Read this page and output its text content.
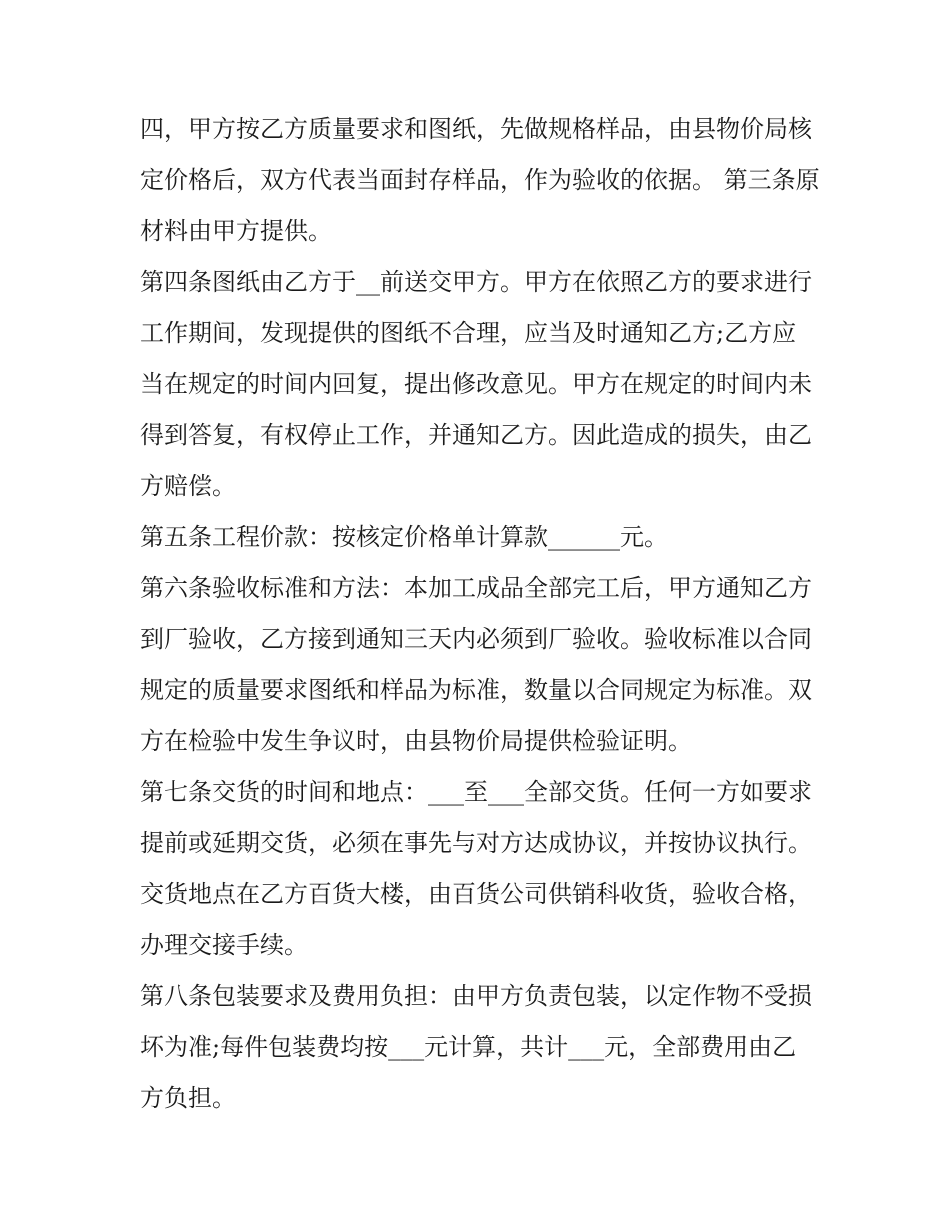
四，甲方按乙方质量要求和图纸，先做规格样品，由县物价局核定价格后，双方代表当面封存样品，作为验收的依据。 第三条原材料由甲方提供。

第四条图纸由乙方于__前送交甲方。甲方在依照乙方的要求进行工作期间，发现提供的图纸不合理，应当及时通知乙方;乙方应当在规定的时间内回复，提出修改意见。甲方在规定的时间内未得到答复，有权停止工作，并通知乙方。因此造成的损失，由乙方赔偿。

第五条工程价款：按核定价格单计算款______元。

第六条验收标准和方法：本加工成品全部完工后，甲方通知乙方到厂验收，乙方接到通知三天内必须到厂验收。验收标准以合同规定的质量要求图纸和样品为标准，数量以合同规定为标准。双方在检验中发生争议时，由县物价局提供检验证明。

第七条交货的时间和地点：___至___全部交货。任何一方如要求提前或延期交货，必须在事先与对方达成协议，并按协议执行。交货地点在乙方百货大楼，由百货公司供销科收货，验收合格，办理交接手续。

第八条包装要求及费用负担：由甲方负责包装，以定作物不受损坏为准;每件包装费均按___元计算，共计___元，全部费用由乙方负担。
